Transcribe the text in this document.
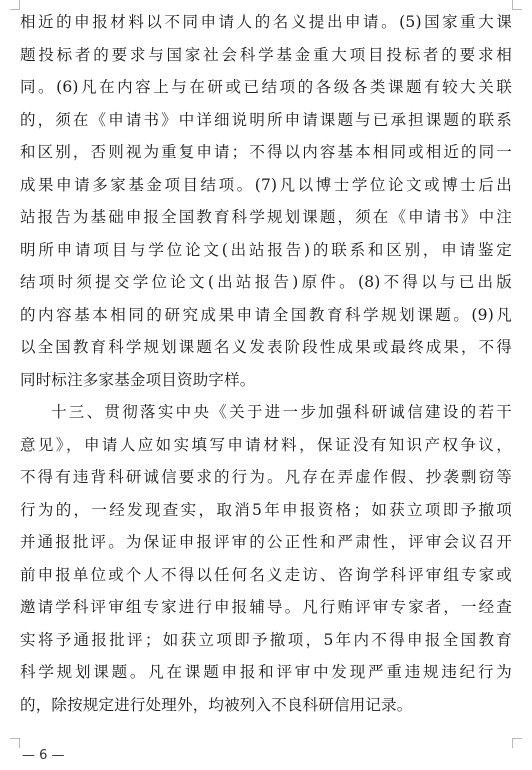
相近的申报材料以不同申请人的名义提出申请。(5)国家重大课
题投标者的要求与国家社会科学基金重大项目投标者的要求相
同。(6)凡在内容上与在研或已结项的各级各类课题有较大关联
的，须在《申请书》中详细说明所申请课题与已承担课题的联系
和区别，否则视为重复申请；不得以内容基本相同或相近的同一
成果申请多家基金项目结项。(7)凡以博士学位论文或博士后出
站报告为基础申报全国教育科学规划课题，须在《申请书》中注
明所申请项目与学位论文(出站报告)的联系和区别，申请鉴定
结项时须提交学位论文(出站报告)原件。(8)不得以与已出版
的内容基本相同的研究成果申请全国教育科学规划课题。(9)凡
以全国教育科学规划课题名义发表阶段性成果或最终成果，不得
同时标注多家基金项目资助字样。
十三、贯彻落实中央《关于进一步加强科研诚信建设的若干
意见》，申请人应如实填写申请材料，保证没有知识产权争议，
不得有违背科研诚信要求的行为。凡存在弄虚作假、抄袭剽窃等
行为的，一经发现查实，取消5年申报资格；如获立项即予撤项
并通报批评。为保证申报评审的公正性和严肃性，评审会议召开
前申报单位或个人不得以任何名义走访、咨询学科评审组专家或
邀请学科评审组专家进行申报辅导。凡行贿评审专家者，一经查
实将予通报批评；如获立项即予撤项，5年内不得申报全国教育
科学规划课题。凡在课题申报和评审中发现严重违规违纪行为
的，除按规定进行处理外，均被列入不良科研信用记录。
— 6 —
